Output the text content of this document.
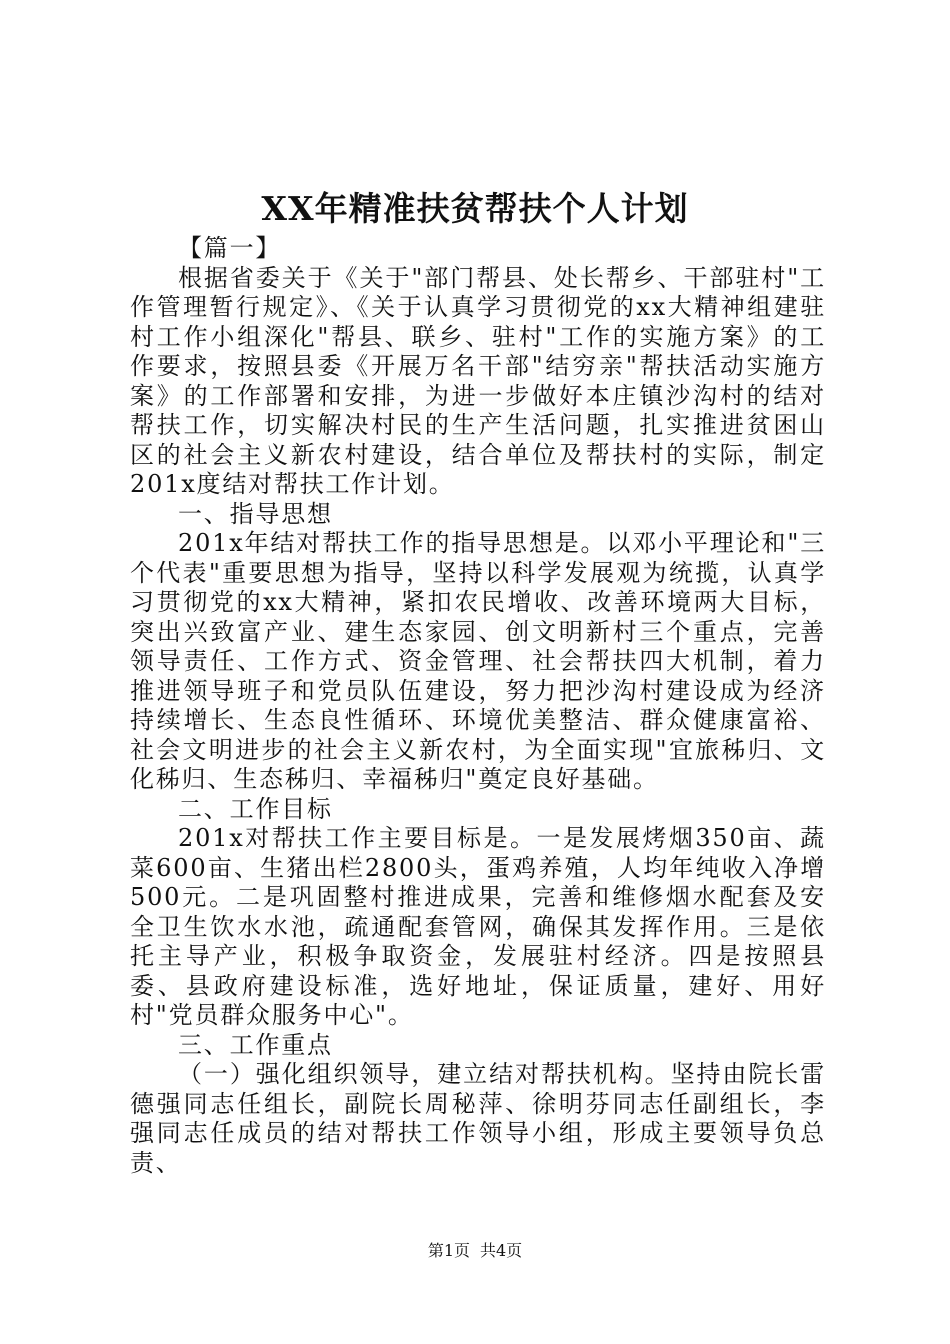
XX年精准扶贫帮扶个人计划

【篇一】

根据省委关于《关于"部门帮县、处长帮乡、干部驻村"工作管理暂行规定》、《关于认真学习贯彻党的xx大精神组建驻村工作小组深化"帮县、联乡、驻村"工作的实施方案》的工作要求，按照县委《开展万名干部"结穷亲"帮扶活动实施方案》的工作部署和安排，为进一步做好本庄镇沙沟村的结对帮扶工作，切实解决村民的生产生活问题，扎实推进贫困山区的社会主义新农村建设，结合单位及帮扶村的实际，制定201x度结对帮扶工作计划。

一、指导思想

201x年结对帮扶工作的指导思想是。以邓小平理论和"三个代表"重要思想为指导，坚持以科学发展观为统揽，认真学习贯彻党的xx大精神，紧扣农民增收、改善环境两大目标，突出兴致富产业、建生态家园、创文明新村三个重点，完善领导责任、工作方式、资金管理、社会帮扶四大机制，着力推进领导班子和党员队伍建设，努力把沙沟村建设成为经济持续增长、生态良性循环、环境优美整洁、群众健康富裕、社会文明进步的社会主义新农村，为全面实现"宜旅秭归、文化秭归、生态秭归、幸福秭归"奠定良好基础。

二、工作目标

201x对帮扶工作主要目标是。一是发展烤烟350亩、蔬菜600亩、生猪出栏2800头，蛋鸡养殖，人均年纯收入净增500元。二是巩固整村推进成果，完善和维修烟水配套及安全卫生饮水水池，疏通配套管网，确保其发挥作用。三是依托主导产业，积极争取资金，发展驻村经济。四是按照县委、县政府建设标准，选好地址，保证质量，建好、用好村"党员群众服务中心"。

三、工作重点

（一）强化组织领导，建立结对帮扶机构。坚持由院长雷德强同志任组长，副院长周秘萍、徐明芬同志任副组长，李强同志任成员的结对帮扶工作领导小组，形成主要领导负总责、

第1页 共4页
